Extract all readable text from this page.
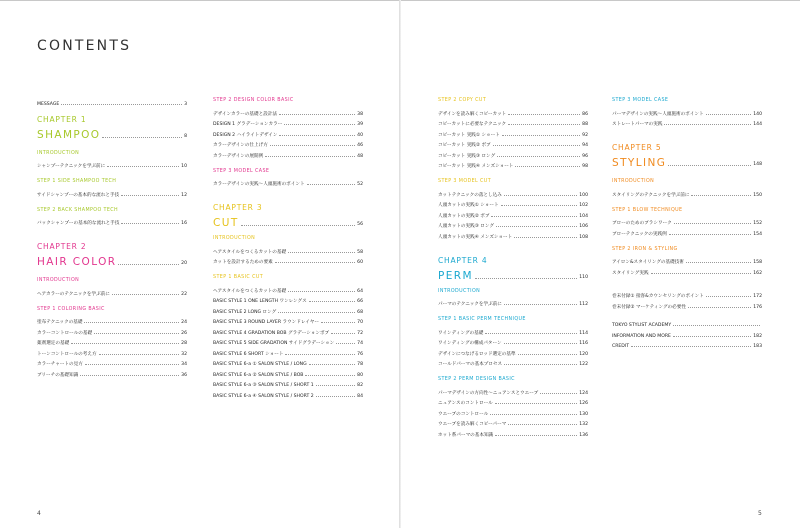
CONTENTS
MESSAGE	3
CHAPTER 1
SHAMPOO	8
INTRODUCTION
シャンプーテクニックを学ぶ前に	10
STEP 1 SIDE SHAMPOO TECH
サイドシャンプーの基本的な流れと手技	12
STEP 2 BACK SHAMPOO TECH
バックシャンプーの基本的な流れと手技	16
CHAPTER 2
HAIR COLOR	20
INTRODUCTION
ヘアカラーのテクニックを学ぶ前に	22
STEP 1 COLORING BASIC
塗布テクニックの基礎	24
カラーコントロールの基礎	26
薬剤選定の基礎	28
トーンコントロールの考え方	32
カラーチャートの見方	34
ブリーチの基礎知識	36
STEP 2 DESIGN COLOR BASIC
デザインカラーの基礎と設計法	38
DESIGN 1 グラデーションカラー	39
DESIGN 2 ハイライトデザイン	40
カラーデザインの仕上げ方	46
カラーデザインの展開例	48
STEP 3 MODEL CASE
カラーデザインの実践～人頭施術のポイント	52
CHAPTER 3
CUT	56
INTRODUCTION
ヘアスタイルをつくるカットの基礎	58
カットを設計するための要素	60
STEP 1 BASIC CUT
ヘアスタイルをつくるカットの基礎	64
BASIC STYLE 1 ONE LENGTH ワンレングス	66
BASIC STYLE 2 LONG ロング	68
BASIC STYLE 3 ROUND LAYER ラウンドレイヤー	70
BASIC STYLE 4 GRADATION BOB グラデーションボブ	72
BASIC STYLE 5 SIDE GRADATION サイドグラデーション	74
BASIC STYLE 6 SHORT ショート	76
BASIC STYLE 6-a ① SALON STYLE / LONG	78
BASIC STYLE 6-a ② SALON STYLE / BOB	80
BASIC STYLE 6-a ③ SALON STYLE / SHORT 1	82
BASIC STYLE 6-a ④ SALON STYLE / SHORT 2	84
STEP 2 COPY CUT
デザインを読み解くコピーカット	86
コピーカットに必要なテクニック	88
コピーカット 実践① ショート	92
コピーカット 実践② ボブ	94
コピーカット 実践③ ロング	96
コピーカット 実践④ メンズショート	98
STEP 3 MODEL CUT
カットテクニックの落とし込み	100
人頭カットの実践① ショート	102
人頭カットの実践② ボブ	104
人頭カットの実践③ ロング	106
人頭カットの実践④ メンズショート	108
CHAPTER 4
PERM	110
INTRODUCTION
パーマのテクニックを学ぶ前に	112
STEP 1 BASIC PERM TECHNIQUE
ワインディングの基礎	114
ワインディングの構成パターン	116
デザインにつなげるロッド選定の基準	120
コールドパーマの基本プロセス	122
STEP 2 PERM DESIGN BASIC
パーマデザインの方向性～ニュアンスとウエーブ	124
ニュアンスのコントロール	126
ウエーブのコントロール	130
ウエーブを読み解くコピーパーマ	132
ホット系パーマの基本知識	136
STEP 3 MODEL CASE
パーマデザインの実践～人頭施術のポイント	140
ストレートパーマの実践	144
CHAPTER 5
STYLING	148
INTRODUCTION
スタイリングのテクニックを学ぶ前に	150
STEP 1 BLOW TECHNIQUE
ブローのためのブラシワーク	152
ブローテクニックの実践例	154
STEP 2 IRON & STYLING
アイロン&スタイリングの基礎技術	158
スタイリング実践	162
巻末付録① 接客&カウンセリングのポイント	172
巻末付録② マーケティングの必要性	176
TOKYO STYLIST ACADEMY
INFORMATION AND MORE	182
CREDIT	183
4	5
